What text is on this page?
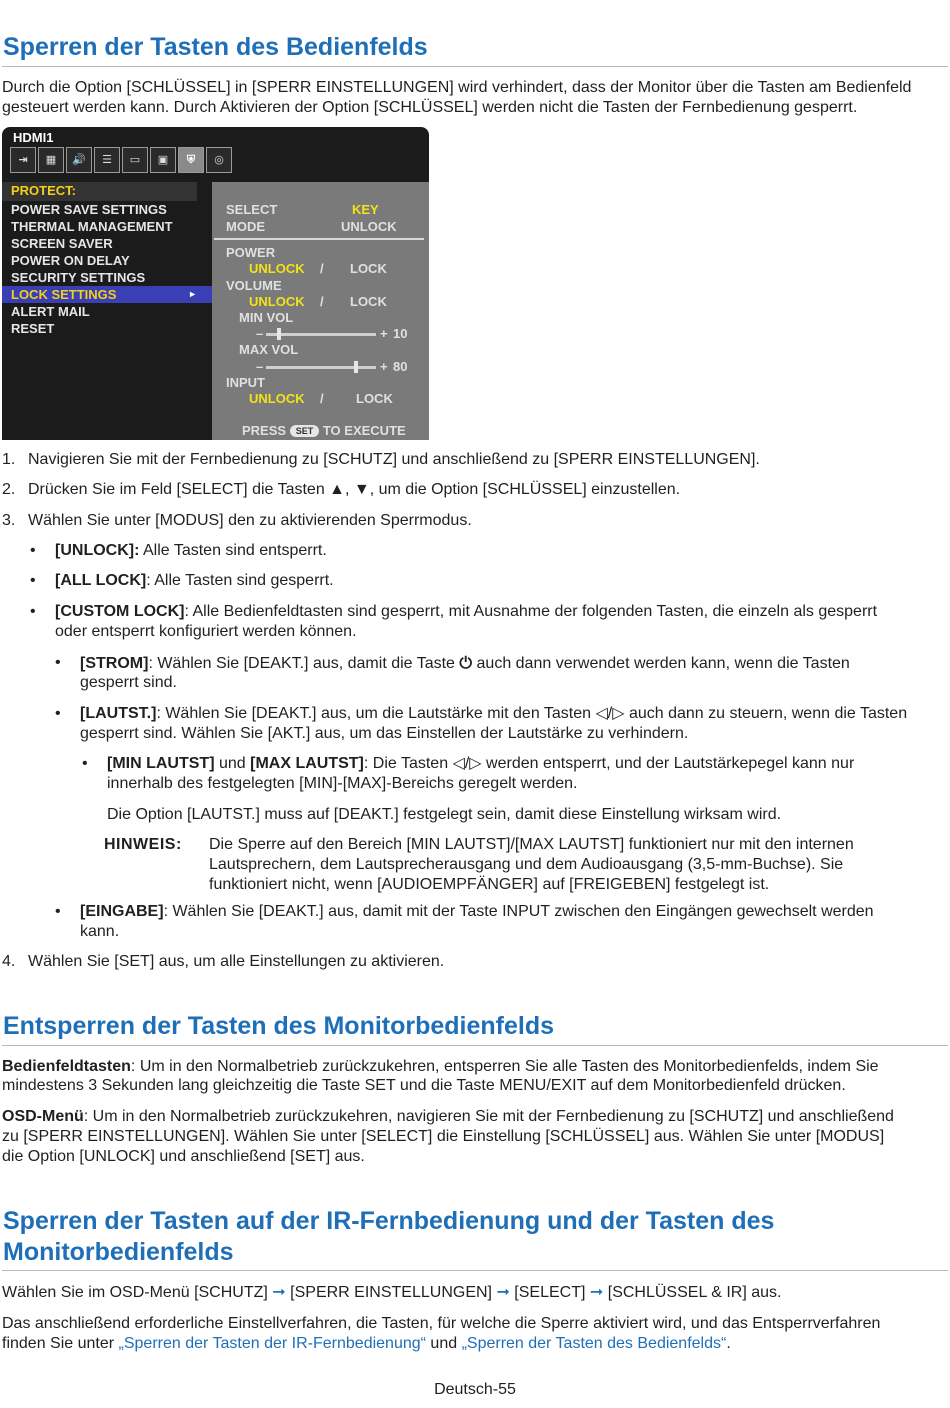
Sperren der Tasten des Bedienfelds

Durch die Option [SCHLÜSSEL] in [SPERR EINSTELLUNGEN] wird verhindert, dass der Monitor über die Tasten am Bedienfeld

gesteuert werden kann. Durch Aktivieren der Option [SCHLÜSSEL] werden nicht die Tasten der Fernbedienung gesperrt.

HDMI1
⇥	▦	🔊	☰	▭	▣	⛨	◎
PROTECT:
POWER SAVE SETTINGS
THERMAL MANAGEMENT
SCREEN SAVER
POWER ON DELAY
SECURITY SETTINGS
LOCK SETTINGS	►
ALERT MAIL
RESET
SELECT	KEY
MODE	UNLOCK
POWER
UNLOCK / LOCK
VOLUME
UNLOCK / LOCK
MIN VOL
–	+ 10
MAX VOL
–	+ 80
INPUT
UNLOCK / LOCK
PRESS SET TO EXECUTE

1. Navigieren Sie mit der Fernbedienung zu [SCHUTZ] und anschließend zu [SPERR EINSTELLUNGEN].

2. Drücken Sie im Feld [SELECT] die Tasten ▲, ▼, um die Option [SCHLÜSSEL] einzustellen.

3. Wählen Sie unter [MODUS] den zu aktivierenden Sperrmodus.

• [UNLOCK]: Alle Tasten sind entsperrt.

• [ALL LOCK]: Alle Tasten sind gesperrt.

• [CUSTOM LOCK]: Alle Bedienfeldtasten sind gesperrt, mit Ausnahme der folgenden Tasten, die einzeln als gesperrt

oder entsperrt konfiguriert werden können.

• [STROM]: Wählen Sie [DEAKT.] aus, damit die Taste ⏻ auch dann verwendet werden kann, wenn die Tasten

gesperrt sind.

• [LAUTST.]: Wählen Sie [DEAKT.] aus, um die Lautstärke mit den Tasten ◁/▷ auch dann zu steuern, wenn die Tasten

gesperrt sind. Wählen Sie [AKT.] aus, um das Einstellen der Lautstärke zu verhindern.

• [MIN LAUTST] und [MAX LAUTST]: Die Tasten ◁/▷ werden entsperrt, und der Lautstärkepegel kann nur

innerhalb des festgelegten [MIN]-[MAX]-Bereichs geregelt werden.

Die Option [LAUTST.] muss auf [DEAKT.] festgelegt sein, damit diese Einstellung wirksam wird.

HINWEIS: Die Sperre auf den Bereich [MIN LAUTST]/[MAX LAUTST] funktioniert nur mit den internen

Lautsprechern, dem Lautsprecherausgang und dem Audioausgang (3,5-mm-Buchse). Sie

funktioniert nicht, wenn [AUDIOEMPFÄNGER] auf [FREIGEBEN] festgelegt ist.

• [EINGABE]: Wählen Sie [DEAKT.] aus, damit mit der Taste INPUT zwischen den Eingängen gewechselt werden

kann.

4. Wählen Sie [SET] aus, um alle Einstellungen zu aktivieren.

Entsperren der Tasten des Monitorbedienfelds

Bedienfeldtasten: Um in den Normalbetrieb zurückzukehren, entsperren Sie alle Tasten des Monitorbedienfelds, indem Sie

mindestens 3 Sekunden lang gleichzeitig die Taste SET und die Taste MENU/EXIT auf dem Monitorbedienfeld drücken.

OSD-Menü: Um in den Normalbetrieb zurückzukehren, navigieren Sie mit der Fernbedienung zu [SCHUTZ] und anschließend

zu [SPERR EINSTELLUNGEN]. Wählen Sie unter [SELECT] die Einstellung [SCHLÜSSEL] aus. Wählen Sie unter [MODUS]

die Option [UNLOCK] und anschließend [SET] aus.

Sperren der Tasten auf der IR-Fernbedienung und der Tasten des
Monitorbedienfelds

Wählen Sie im OSD-Menü [SCHUTZ] ➞ [SPERR EINSTELLUNGEN] ➞ [SELECT] ➞ [SCHLÜSSEL & IR] aus.

Das anschließend erforderliche Einstellverfahren, die Tasten, für welche die Sperre aktiviert wird, und das Entsperrverfahren

finden Sie unter „Sperren der Tasten der IR-Fernbedienung“ und „Sperren der Tasten des Bedienfelds“.

Deutsch-55
